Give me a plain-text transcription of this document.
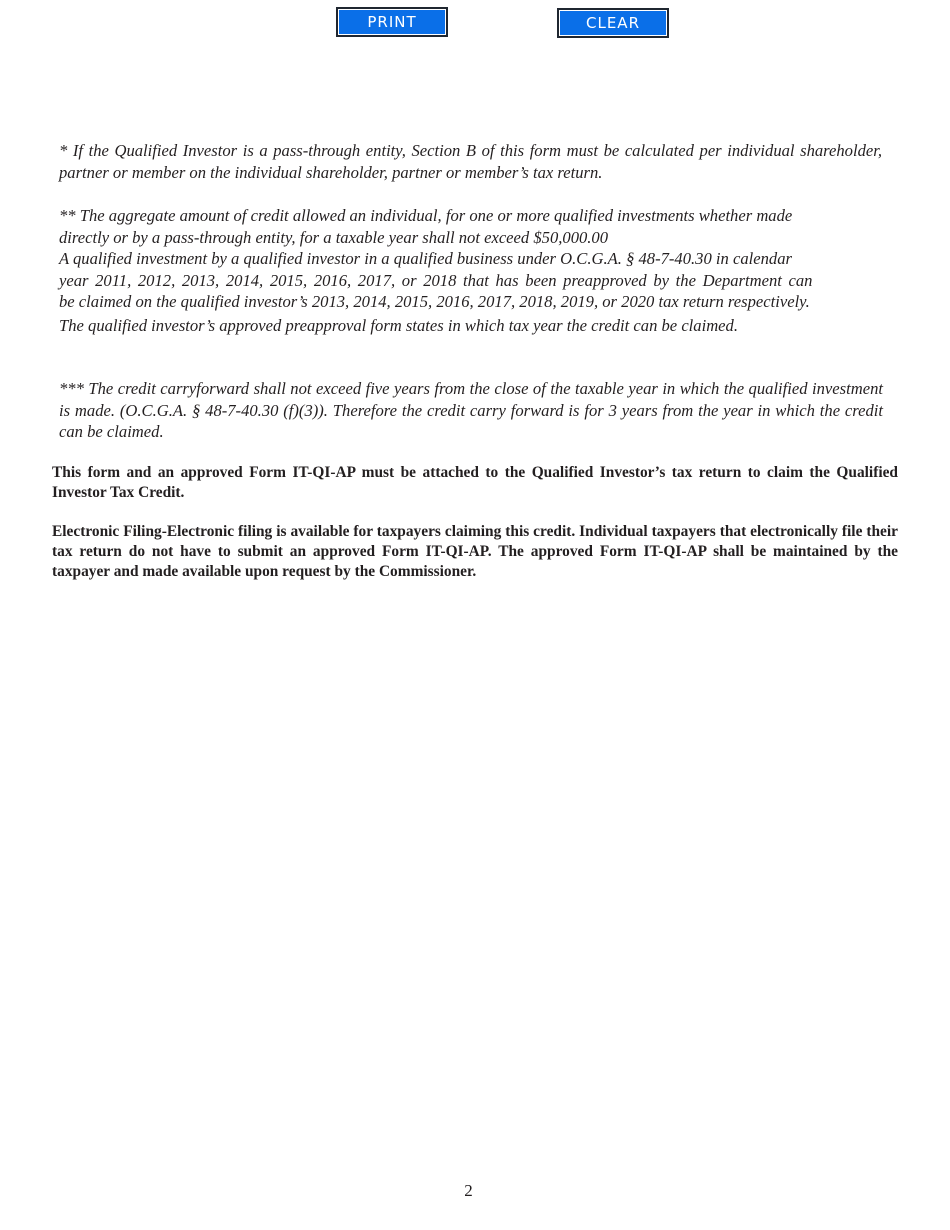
PRINT	CLEAR

* If the Qualified Investor is a pass-through entity, Section B of this form must be calculated per individual shareholder, partner or member on the individual shareholder, partner or member’s tax return.

** The aggregate amount of credit allowed an individual, for one or more qualified investments whether made
directly or by a pass-through entity, for a taxable year shall not exceed $50,000.00
A qualified investment by a qualified investor in a qualified business under O.C.G.A. § 48-7-40.30 in calendar
year 2011, 2012, 2013, 2014, 2015, 2016, 2017, or 2018 that has been preapproved by the Department can
be claimed on the qualified investor’s 2013, 2014, 2015, 2016, 2017, 2018, 2019, or 2020 tax return respectively.
The qualified investor’s approved preapproval form states in which tax year the credit can be claimed.

*** The credit carryforward shall not exceed five years from the close of the taxable year in which the qualified investment is made. (O.C.G.A. § 48-7-40.30 (f)(3)). Therefore the credit carry forward is for 3 years from the year in which the credit can be claimed.

This form and an approved Form IT-QI-AP must be attached to the Qualified Investor’s tax return to claim the Qualified Investor Tax Credit.

Electronic Filing-Electronic filing is available for taxpayers claiming this credit. Individual taxpayers that electronically file their tax return do not have to submit an approved Form IT-QI-AP. The approved Form IT-QI-AP shall be maintained by the taxpayer and made available upon request by the Commissioner.

2
